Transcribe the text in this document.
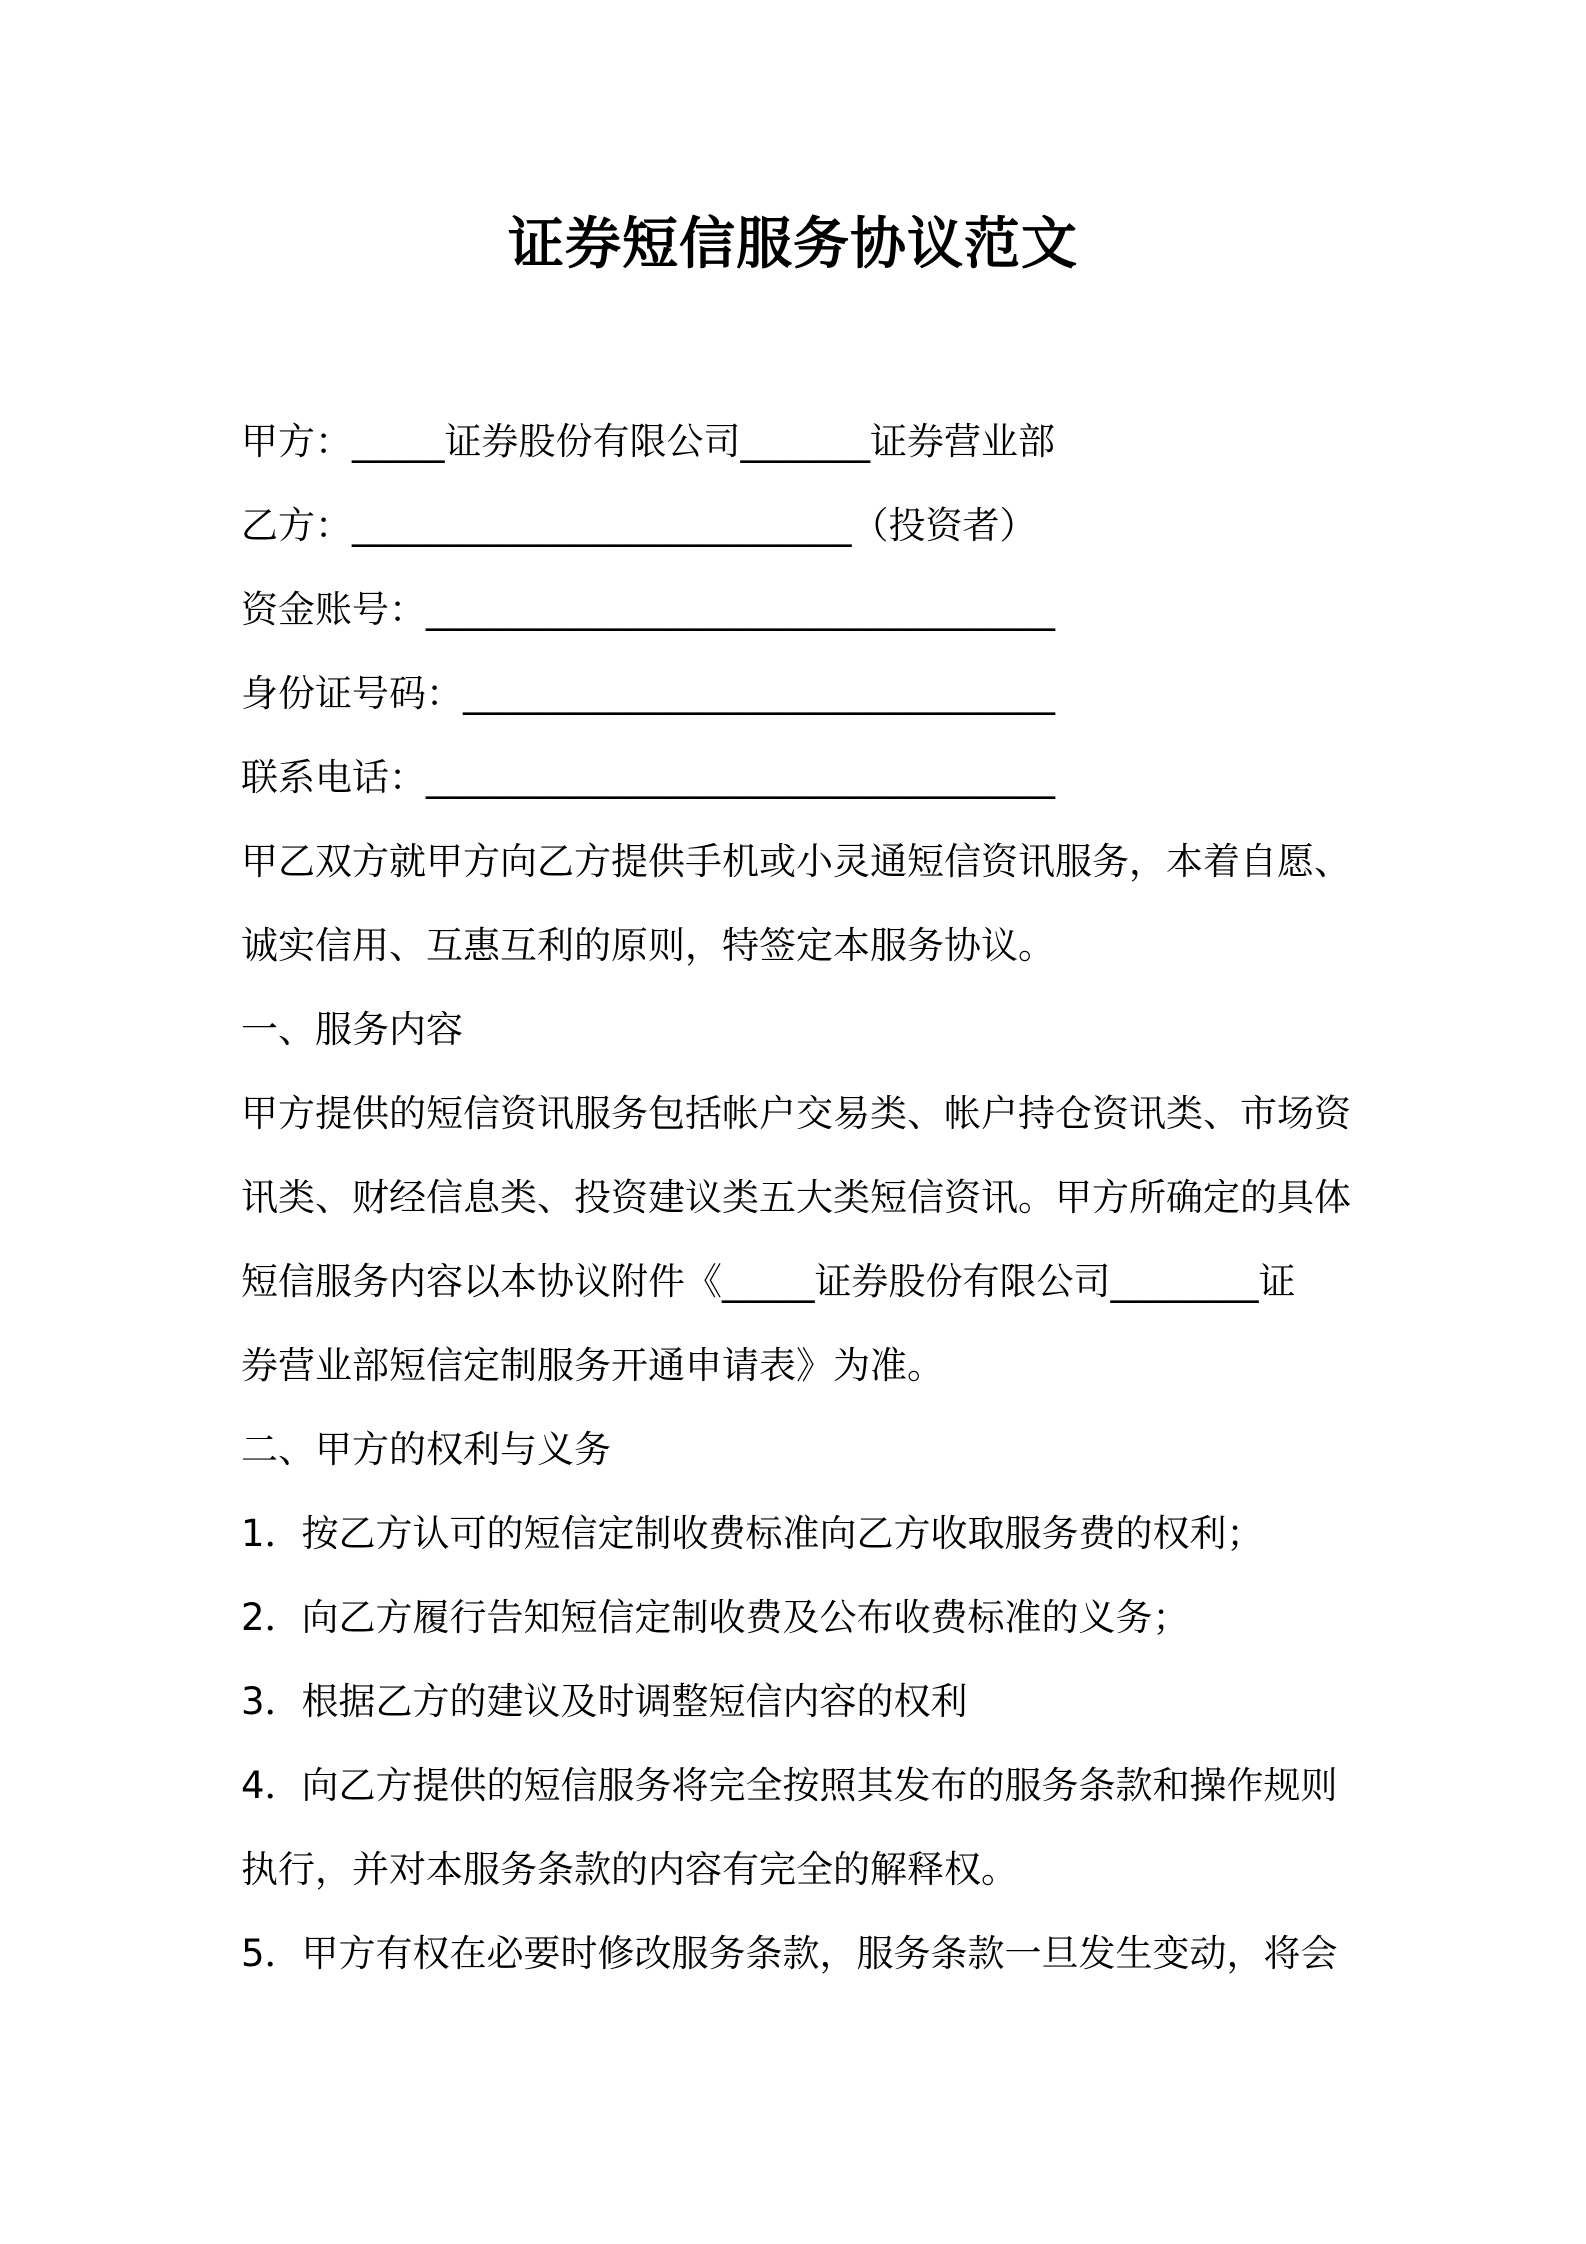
证券短信服务协议范文
甲方：_____证券股份有限公司_______证券营业部
乙方：___________________________（投资者）
资金账号：__________________________________
身份证号码：________________________________
联系电话：__________________________________
甲乙双方就甲方向乙方提供手机或小灵通短信资讯服务，本着自愿、
诚实信用、互惠互利的原则，特签定本服务协议。
一、服务内容
甲方提供的短信资讯服务包括帐户交易类、帐户持仓资讯类、市场资
讯类、财经信息类、投资建议类五大类短信资讯。甲方所确定的具体
短信服务内容以本协议附件《_____证券股份有限公司________证
券营业部短信定制服务开通申请表》为准。
二、甲方的权利与义务
1．按乙方认可的短信定制收费标准向乙方收取服务费的权利；
2．向乙方履行告知短信定制收费及公布收费标准的义务；
3．根据乙方的建议及时调整短信内容的权利
4．向乙方提供的短信服务将完全按照其发布的服务条款和操作规则
执行，并对本服务条款的内容有完全的解释权。
5．甲方有权在必要时修改服务条款，服务条款一旦发生变动，将会
